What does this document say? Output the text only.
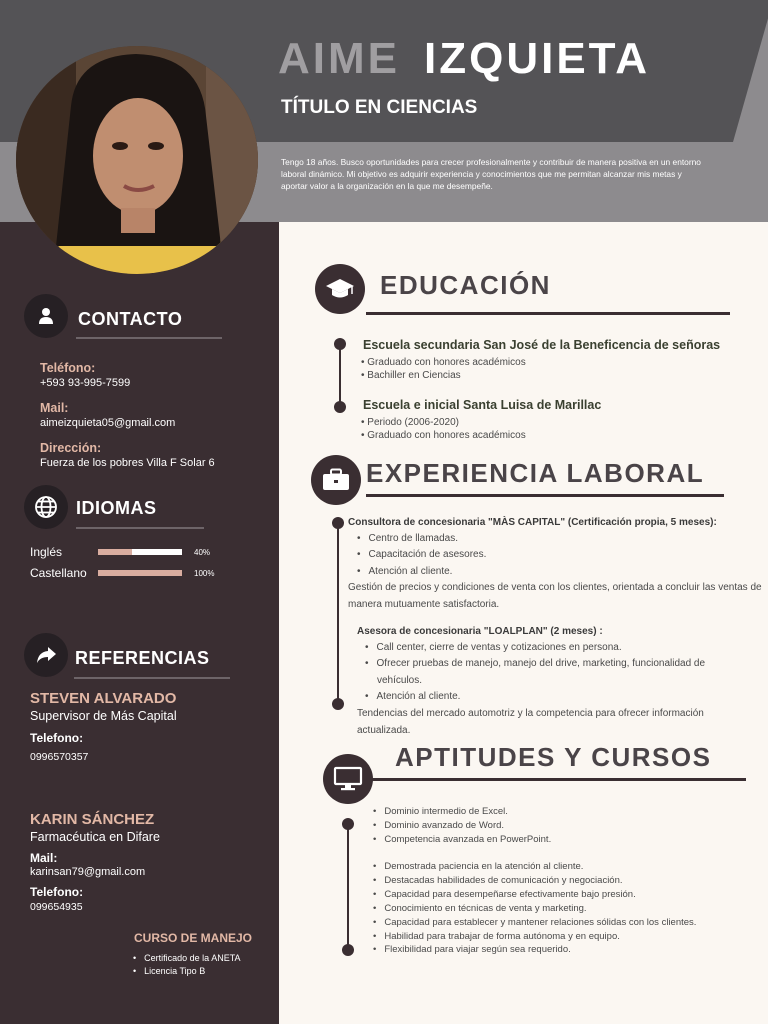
AIME IZQUIETA
TÍTULO EN CIENCIAS
Tengo 18 años. Busco oportunidades para crecer profesionalmente y contribuir de manera positiva en un entorno laboral dinámico. Mi objetivo es adquirir experiencia y conocimientos que me permitan alcanzar mis metas y aportar valor a la organización en la que me desempeñe.
CONTACTO
Teléfono:
+593 93-995-7599
Mail:
aimeizquieta05@gmail.com
Dirección:
Fuerza de los pobres Villa F Solar 6
IDIOMAS
Inglés	40%
Castellano	100%
REFERENCIAS
STEVEN ALVARADO
Supervisor de Más Capital
Telefono:
0996570357
KARIN SÁNCHEZ
Farmacéutica en Difare
Mail:
karinsan79@gmail.com
Telefono:
099654935
CURSO DE MANEJO
• Certificado de la ANETA
• Licencia Tipo B
EDUCACIÓN
Escuela secundaria San José de la Beneficencia de señoras
• Graduado con honores académicos
• Bachiller en Ciencias
Escuela e inicial Santa Luisa de Marillac
• Periodo (2006-2020)
• Graduado con honores académicos
EXPERIENCIA LABORAL
Consultora de concesionaria "MÀS CAPITAL" (Certificación propia, 5 meses):
• Centro de llamadas.
• Capacitación de asesores.
• Atención al cliente.
Gestión de precios y condiciones de venta con los clientes, orientada a concluir las ventas de manera mutuamente satisfactoria.
Asesora de concesionaria "LOALPLAN" (2 meses) :
• Call center, cierre de ventas y cotizaciones en persona.
• Ofrecer pruebas de manejo, manejo del drive, marketing, funcionalidad de vehículos.
• Atención al cliente.
Tendencias del mercado automotriz y la competencia para ofrecer información actualizada.
APTITUDES Y CURSOS
• Dominio intermedio de Excel.
• Dominio avanzado de Word.
• Competencia avanzada en PowerPoint.
• Demostrada paciencia en la atención al cliente.
• Destacadas habilidades de comunicación y negociación.
• Capacidad para desempeñarse efectivamente bajo presión.
• Conocimiento en técnicas de venta y marketing.
• Capacidad para establecer y mantener relaciones sólidas con los clientes.
• Habilidad para trabajar de forma autónoma y en equipo.
• Flexibilidad para viajar según sea requerido.
